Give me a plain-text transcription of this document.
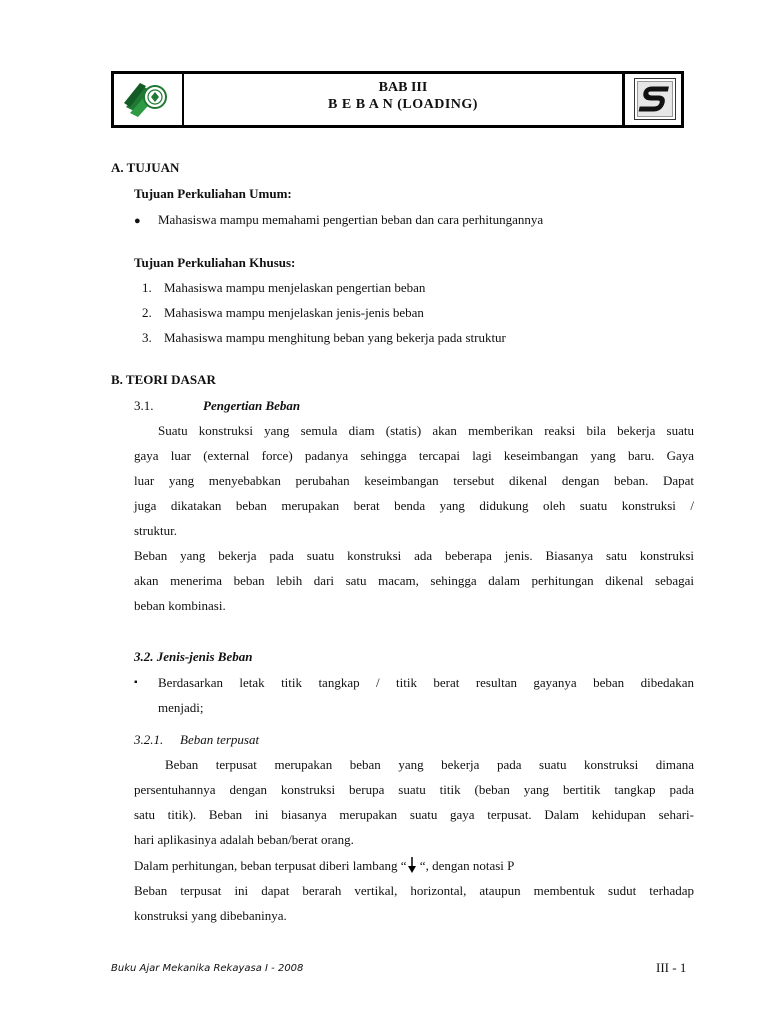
BAB III
B E B A N (LOADING)
A. TUJUAN
Tujuan Perkuliahan Umum:
● Mahasiswa mampu memahami pengertian beban dan cara perhitungannya
Tujuan Perkuliahan Khusus:
1. Mahasiswa mampu menjelaskan pengertian beban
2. Mahasiswa mampu menjelaskan jenis-jenis beban
3. Mahasiswa mampu menghitung beban yang bekerja pada struktur
B. TEORI DASAR
3.1.	Pengertian Beban
Suatu konstruksi yang semula diam (statis) akan memberikan reaksi bila bekerja suatu
gaya luar (external force) padanya sehingga tercapai lagi keseimbangan yang baru. Gaya
luar yang menyebabkan perubahan keseimbangan tersebut dikenal dengan beban. Dapat
juga dikatakan beban merupakan berat benda yang didukung oleh suatu konstruksi /
struktur.
Beban yang bekerja pada suatu konstruksi ada beberapa jenis. Biasanya satu konstruksi
akan menerima beban lebih dari satu macam, sehingga dalam perhitungan dikenal sebagai
beban kombinasi.
3.2. Jenis-jenis Beban
▪ Berdasarkan letak titik tangkap / titik berat resultan gayanya beban dibedakan
menjadi;
3.2.1. Beban terpusat
Beban terpusat merupakan beban yang bekerja pada suatu konstruksi dimana
persentuhannya dengan konstruksi berupa suatu titik (beban yang bertitik tangkap pada
satu titik). Beban ini biasanya merupakan suatu gaya terpusat. Dalam kehidupan sehari-
hari aplikasinya adalah beban/berat orang.
Dalam perhitungan, beban terpusat diberi lambang “ “, dengan notasi P
Beban terpusat ini dapat berarah vertikal, horizontal, ataupun membentuk sudut terhadap
konstruksi yang dibebaninya.
Buku Ajar Mekanika Rekayasa I - 2008	III - 1
